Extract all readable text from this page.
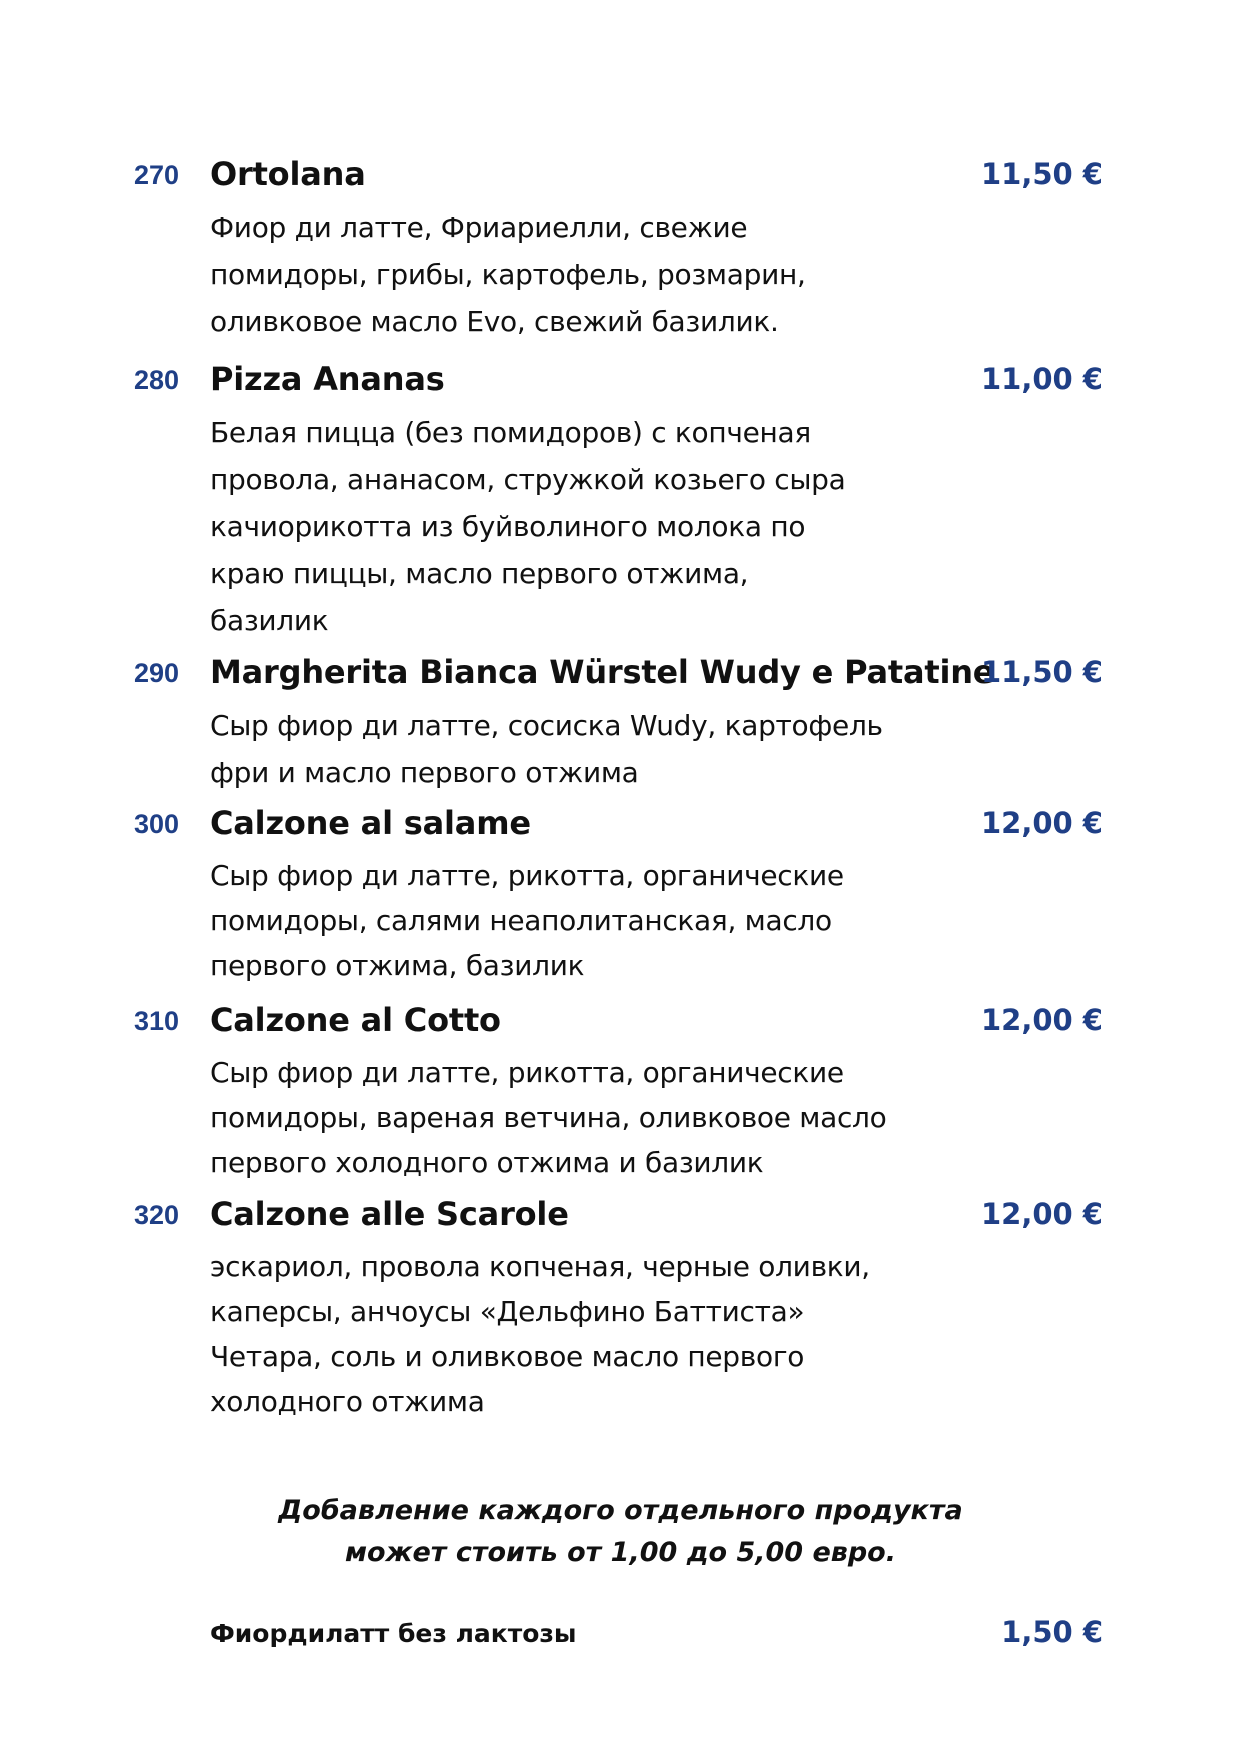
270 Ortolana	11,50 €
Фиор ди латте, Фриариелли, свежие
помидоры, грибы, картофель, розмарин,
оливковое масло Evo, свежий базилик.
280 Pizza Ananas	11,00 €
Белая пицца (без помидоров) с копченая
провола, ананасом, стружкой козьего сыра
качиорикотта из буйволиного молока по
краю пиццы, масло первого отжима,
базилик
290 Margherita Bianca Würstel Wudy e Patatine
11,50 €
Сыр фиор ди латте, сосиска Wudy, картофель
фри и масло первого отжима
300 Calzone al salame	12,00 €
Сыр фиор ди латте, рикотта, органические
помидоры, салями неаполитанская, масло
первого отжима, базилик
310 Calzone al Cotto	12,00 €
Сыр фиор ди латте, рикотта, органические
помидоры, вареная ветчина, оливковое масло
первого холодного отжима и базилик
320 Calzone alle Scarole	12,00 €
эскариол, провола копченая, черные оливки,
каперсы, анчоусы «Дельфино Баттиста»
Четара, соль и оливковое масло первого
холодного отжима
Добавление каждого отдельного продукта
может стоить от 1,00 до 5,00 евро.
Фиордилатт без лактозы	1,50 €
